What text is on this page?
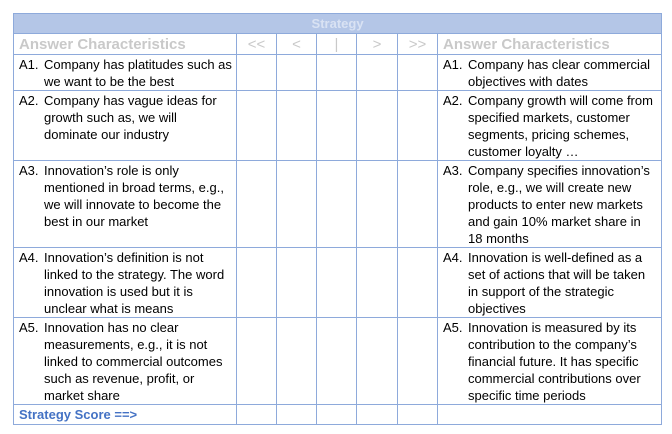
Strategy						
Answer Characteristics	<<	<	|	>	>>	Answer Characteristics

A1. Company has platitudes such as we want to be the best						A1. Company has clear commercial objectives with dates

A2. Company has vague ideas for growth such as, we will dominate our industry						A2. Company growth will come from specified markets, customer segments, pricing schemes, customer loyalty …

A3. Innovation’s role is only mentioned in broad terms, e.g., we will innovate to become the best in our market						A3. Company specifies innovation’s role, e.g., we will create new products to enter new markets and gain 10% market share in 18 months

A4. Innovation’s definition is not linked to the strategy. The word innovation is used but it is unclear what is means						A4. Innovation is well-defined as a set of actions that will be taken in support of the strategic objectives

A5. Innovation has no clear measurements, e.g., it is not linked to commercial outcomes such as revenue, profit, or market share						A5. Innovation is measured by its contribution to the company’s financial future. It has specific commercial contributions over specific time periods

Strategy Score ==>						
